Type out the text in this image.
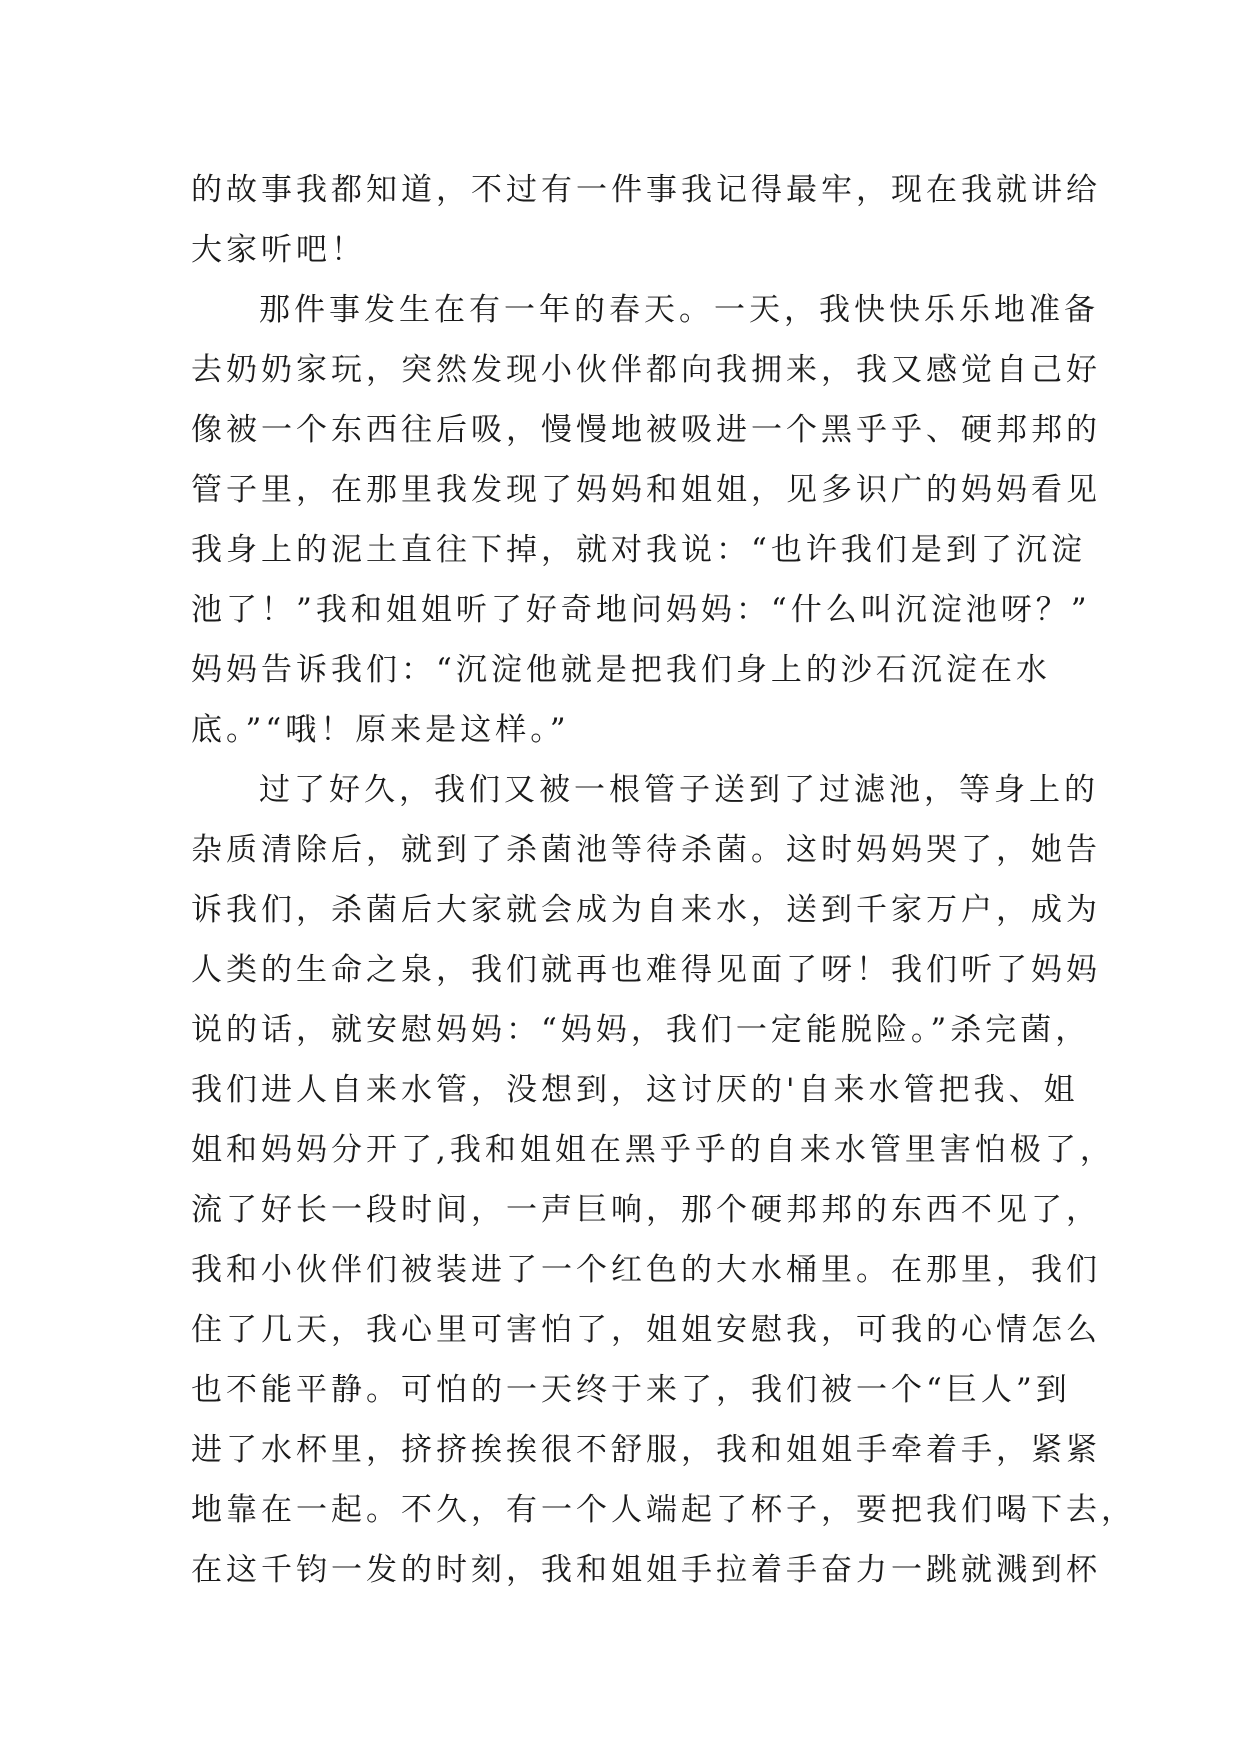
的故事我都知道，不过有一件事我记得最牢，现在我就讲给
大家听吧！
那件事发生在有一年的春天。一天，我快快乐乐地准备
去奶奶家玩，突然发现小伙伴都向我拥来，我又感觉自己好
像被一个东西往后吸，慢慢地被吸进一个黑乎乎、硬邦邦的
管子里，在那里我发现了妈妈和姐姐，见多识广的妈妈看见
我身上的泥土直往下掉，就对我说：“也许我们是到了沉淀
池了！”我和姐姐听了好奇地问妈妈：“什么叫沉淀池呀？”
妈妈告诉我们：“沉淀他就是把我们身上的沙石沉淀在水
底。”“哦！原来是这样。”
过了好久，我们又被一根管子送到了过滤池，等身上的
杂质清除后，就到了杀菌池等待杀菌。这时妈妈哭了，她告
诉我们，杀菌后大家就会成为自来水，送到千家万户，成为
人类的生命之泉，我们就再也难得见面了呀！我们听了妈妈
说的话，就安慰妈妈：“妈妈，我们一定能脱险。”杀完菌，
我们进人自来水管，没想到，这讨厌的'自来水管把我、姐
姐和妈妈分开了,我和姐姐在黑乎乎的自来水管里害怕极了，
流了好长一段时间，一声巨响，那个硬邦邦的东西不见了，
我和小伙伴们被装进了一个红色的大水桶里。在那里，我们
住了几天，我心里可害怕了，姐姐安慰我，可我的心情怎么
也不能平静。可怕的一天终于来了，我们被一个“巨人”到
进了水杯里，挤挤挨挨很不舒服，我和姐姐手牵着手，紧紧
地靠在一起。不久，有一个人端起了杯子，要把我们喝下去，
在这千钧一发的时刻，我和姐姐手拉着手奋力一跳就溅到杯
